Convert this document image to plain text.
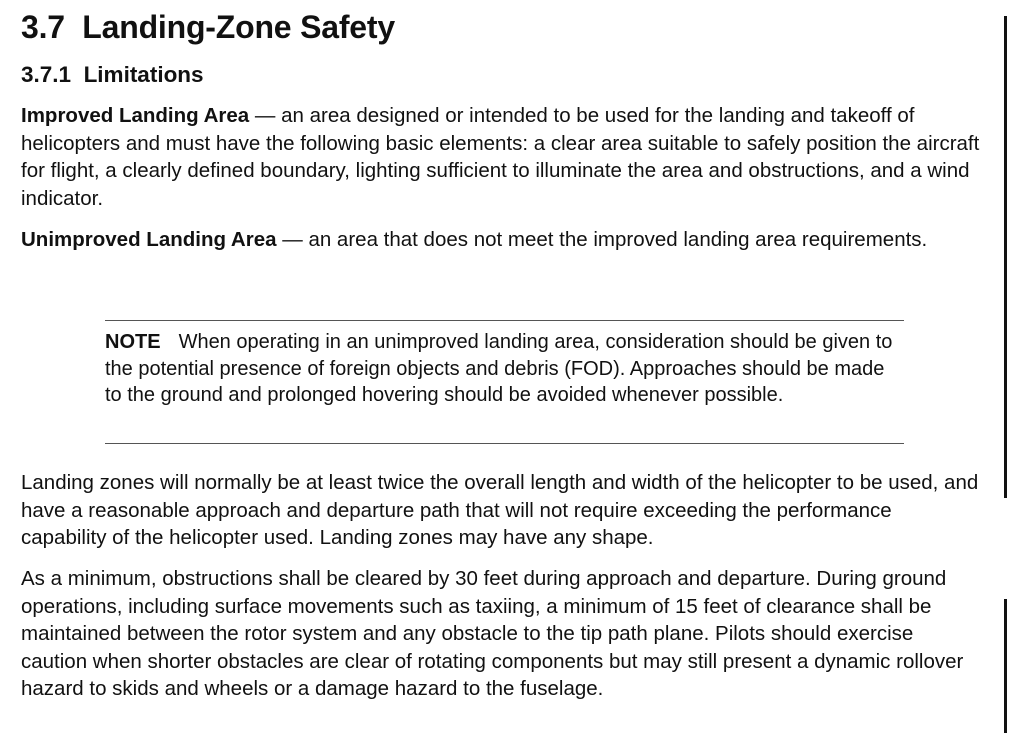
3.7 Landing-Zone Safety
3.7.1 Limitations

Improved Landing Area — an area designed or intended to be used for the landing and takeoff of helicopters and must have the following basic elements: a clear area suitable to safely position the aircraft for flight, a clearly defined boundary, lighting sufficient to illuminate the area and obstructions, and a wind indicator.

Unimproved Landing Area — an area that does not meet the improved landing area requirements.

NOTE When operating in an unimproved landing area, consideration should be given to the potential presence of foreign objects and debris (FOD). Approaches should be made to the ground and prolonged hovering should be avoided whenever possible.

Landing zones will normally be at least twice the overall length and width of the helicopter to be used, and have a reasonable approach and departure path that will not require exceeding the performance capability of the helicopter used. Landing zones may have any shape.

As a minimum, obstructions shall be cleared by 30 feet during approach and departure. During ground operations, including surface movements such as taxiing, a minimum of 15 feet of clearance shall be maintained between the rotor system and any obstacle to the tip path plane. Pilots should exercise caution when shorter obstacles are clear of rotating components but may still present a dynamic rollover hazard to skids and wheels or a damage hazard to the fuselage.
